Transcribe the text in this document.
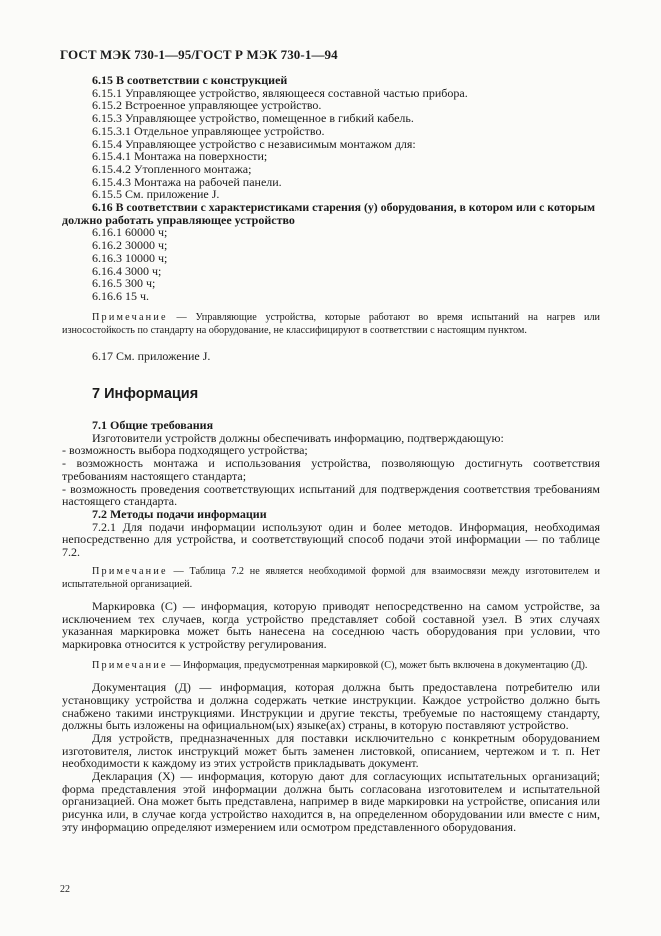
ГОСТ МЭК 730-1—95/ГОСТ Р МЭК 730-1—94
6.15 В соответствии с конструкцией
6.15.1 Управляющее устройство, являющееся составной частью прибора.
6.15.2 Встроенное управляющее устройство.
6.15.3 Управляющее устройство, помещенное в гибкий кабель.
6.15.3.1 Отдельное управляющее устройство.
6.15.4 Управляющее устройство с независимым монтажом для:
6.15.4.1 Монтажа на поверхности;
6.15.4.2 Утопленного монтажа;
6.15.4.3 Монтажа на рабочей панели.
6.15.5 См. приложение J.
6.16 В соответствии с характеристиками старения (у) оборудования, в котором или с которым
должно работать управляющее устройство
6.16.1 60000 ч;
6.16.2 30000 ч;
6.16.3 10000 ч;
6.16.4 3000 ч;
6.16.5 300 ч;
6.16.6 15 ч.
Примечание — Управляющие устройства, которые работают во время испытаний на нагрев или износостойкость по стандарту на оборудование, не классифицируют в соответствии с настоящим пунктом.
6.17 См. приложение J.
7 Информация
7.1 Общие требования
Изготовители устройств должны обеспечивать информацию, подтверждающую:
- возможность выбора подходящего устройства;
- возможность монтажа и использования устройства, позволяющую достигнуть соответствия требованиям настоящего стандарта;
- возможность проведения соответствующих испытаний для подтверждения соответствия требованиям настоящего стандарта.
7.2 Методы подачи информации
7.2.1 Для подачи информации используют один и более методов. Информация, необходимая непосредственно для устройства, и соответствующий способ подачи этой информации — по таблице 7.2.
Примечание — Таблица 7.2 не является необходимой формой для взаимосвязи между изготовителем и испытательной организацией.
Маркировка (С) — информация, которую приводят непосредственно на самом устройстве, за исключением тех случаев, когда устройство представляет собой составной узел. В этих случаях указанная маркировка может быть нанесена на соседнюю часть оборудования при условии, что маркировка относится к устройству регулирования.
Примечание — Информация, предусмотренная маркировкой (С), может быть включена в документацию (Д).
Документация (Д) — информация, которая должна быть предоставлена потребителю или установщику устройства и должна содержать четкие инструкции. Каждое устройство должно быть снабжено такими инструкциями. Инструкции и другие тексты, требуемые по настоящему стандарту, должны быть изложены на официальном(ых) языке(ах) страны, в которую поставляют устройство.
Для устройств, предназначенных для поставки исключительно с конкретным оборудованием изготовителя, листок инструкций может быть заменен листовкой, описанием, чертежом и т. п. Нет необходимости к каждому из этих устройств прикладывать документ.
Декларация (Х) — информация, которую дают для согласующих испытательных организаций; форма представления этой информации должна быть согласована изготовителем и испытательной организацией. Она может быть представлена, например в виде маркировки на устройстве, описания или рисунка или, в случае когда устройство находится в, на определенном оборудовании или вместе с ним, эту информацию определяют измерением или осмотром представленного оборудования.
22
